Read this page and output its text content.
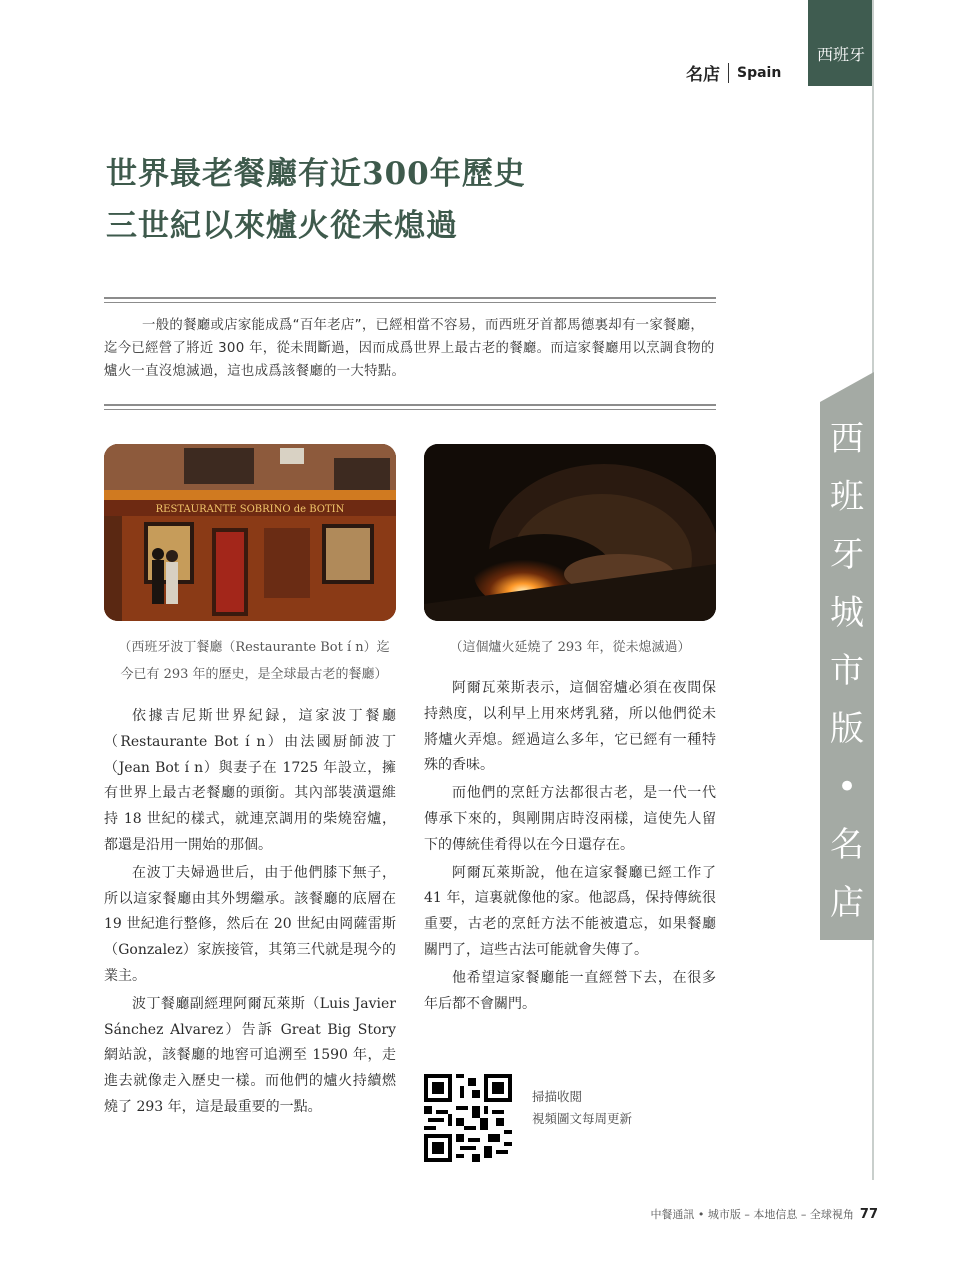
西班牙
名店 Spain
世界最老餐廳有近300年歷史
三世紀以來爐火從未熄過
一般的餐廳或店家能成爲“百年老店”，已經相當不容易，而西班牙首都馬德裏却有一家餐廳，迄今已經營了將近 300 年，從未間斷過，因而成爲世界上最古老的餐廳。而這家餐廳用以烹調食物的爐火一直沒熄滅過，這也成爲該餐廳的一大特點。
RESTAURANTE SOBRINO de BOTIN
（西班牙波丁餐廳（Restaurante Bot í n）迄
今已有 293 年的歷史，是全球最古老的餐廳）
（這個爐火延燒了 293 年，從未熄滅過）

依據吉尼斯世界紀録，這家波丁餐廳（Restaurante Bot í n）由法國厨師波丁（Jean Bot í n）與妻子在 1725 年設立，擁有世界上最古老餐廳的頭銜。其內部裝潢還維持 18 世紀的樣式，就連烹調用的柴燒窑爐，都還是沿用一開始的那個。

在波丁夫婦過世后，由于他們膝下無子，所以這家餐廳由其外甥繼承。該餐廳的底層在 19 世紀進行整修，然后在 20 世紀由岡薩雷斯（Gonzalez）家族接管，其第三代就是現今的業主。

波丁餐廳副經理阿爾瓦萊斯（Luis Javier Sánchez Alvarez）告訴 Great Big Story 網站說，該餐廳的地窖可追溯至 1590 年，走進去就像走入歷史一樣。而他們的爐火持續燃燒了 293 年，這是最重要的一點。

阿爾瓦萊斯表示，這個窑爐必須在夜間保持熱度，以利早上用來烤乳豬，所以他們從未將爐火弄熄。經過這么多年，它已經有一種特殊的香味。

而他們的烹飪方法都很古老，是一代一代傳承下來的，與剛開店時沒兩樣，這使先人留下的傳統佳肴得以在今日還存在。

阿爾瓦萊斯說，他在這家餐廳已經工作了 41 年，這裏就像他的家。他認爲，保持傳統很重要，古老的烹飪方法不能被遺忘，如果餐廳關門了，這些古法可能就會失傳了。

他希望這家餐廳能一直經營下去，在很多年后都不會關門。

掃描收閲
視頻圖文每周更新
西
班
牙
城
市
版
•
名
店
中餐通訊 • 城市版 – 本地信息 – 全球視角 77
